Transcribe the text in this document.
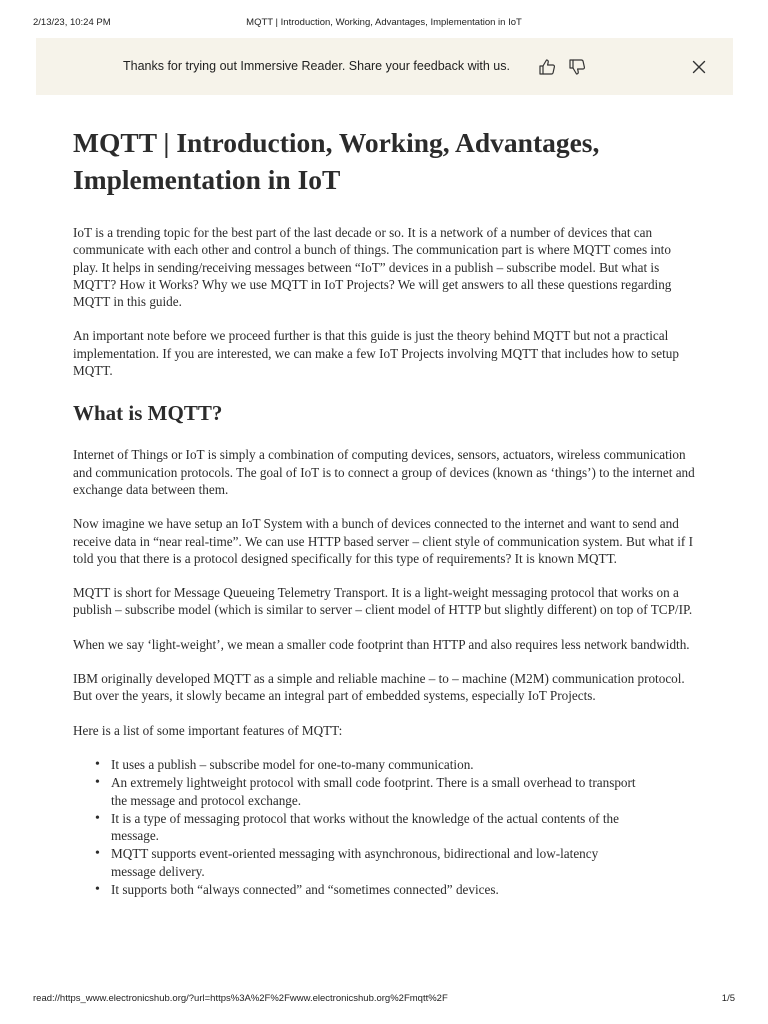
2/13/23, 10:24 PM	MQTT | Introduction, Working, Advantages, Implementation in IoT
Thanks for trying out Immersive Reader. Share your feedback with us.
MQTT | Introduction, Working, Advantages, Implementation in IoT

IoT is a trending topic for the best part of the last decade or so. It is a network of a number of devices that can communicate with each other and control a bunch of things. The communication part is where MQTT comes into play. It helps in sending/receiving messages between “IoT” devices in a publish – subscribe model. But what is MQTT? How it Works? Why we use MQTT in IoT Projects? We will get answers to all these questions regarding MQTT in this guide.

An important note before we proceed further is that this guide is just the theory behind MQTT but not a practical implementation. If you are interested, we can make a few IoT Projects involving MQTT that includes how to setup MQTT.

What is MQTT?

Internet of Things or IoT is simply a combination of computing devices, sensors, actuators, wireless communication and communication protocols. The goal of IoT is to connect a group of devices (known as ‘things’) to the internet and exchange data between them.

Now imagine we have setup an IoT System with a bunch of devices connected to the internet and want to send and receive data in “near real-time”. We can use HTTP based server – client style of communication system. But what if I told you that there is a protocol designed specifically for this type of requirements? It is known MQTT.

MQTT is short for Message Queueing Telemetry Transport. It is a light-weight messaging protocol that works on a publish – subscribe model (which is similar to server – client model of HTTP but slightly different) on top of TCP/IP.

When we say ‘light-weight’, we mean a smaller code footprint than HTTP and also requires less network bandwidth.

IBM originally developed MQTT as a simple and reliable machine – to – machine (M2M) communication protocol. But over the years, it slowly became an integral part of embedded systems, especially IoT Projects.

Here is a list of some important features of MQTT:

• It uses a publish – subscribe model for one-to-many communication.
• An extremely lightweight protocol with small code footprint. There is a small overhead to transport the message and protocol exchange.
• It is a type of messaging protocol that works without the knowledge of the actual contents of the message.
• MQTT supports event-oriented messaging with asynchronous, bidirectional and low-latency message delivery.
• It supports both “always connected” and “sometimes connected” devices.
read://https_www.electronicshub.org/?url=https%3A%2F%2Fwww.electronicshub.org%2Fmqtt%2F	1/5
